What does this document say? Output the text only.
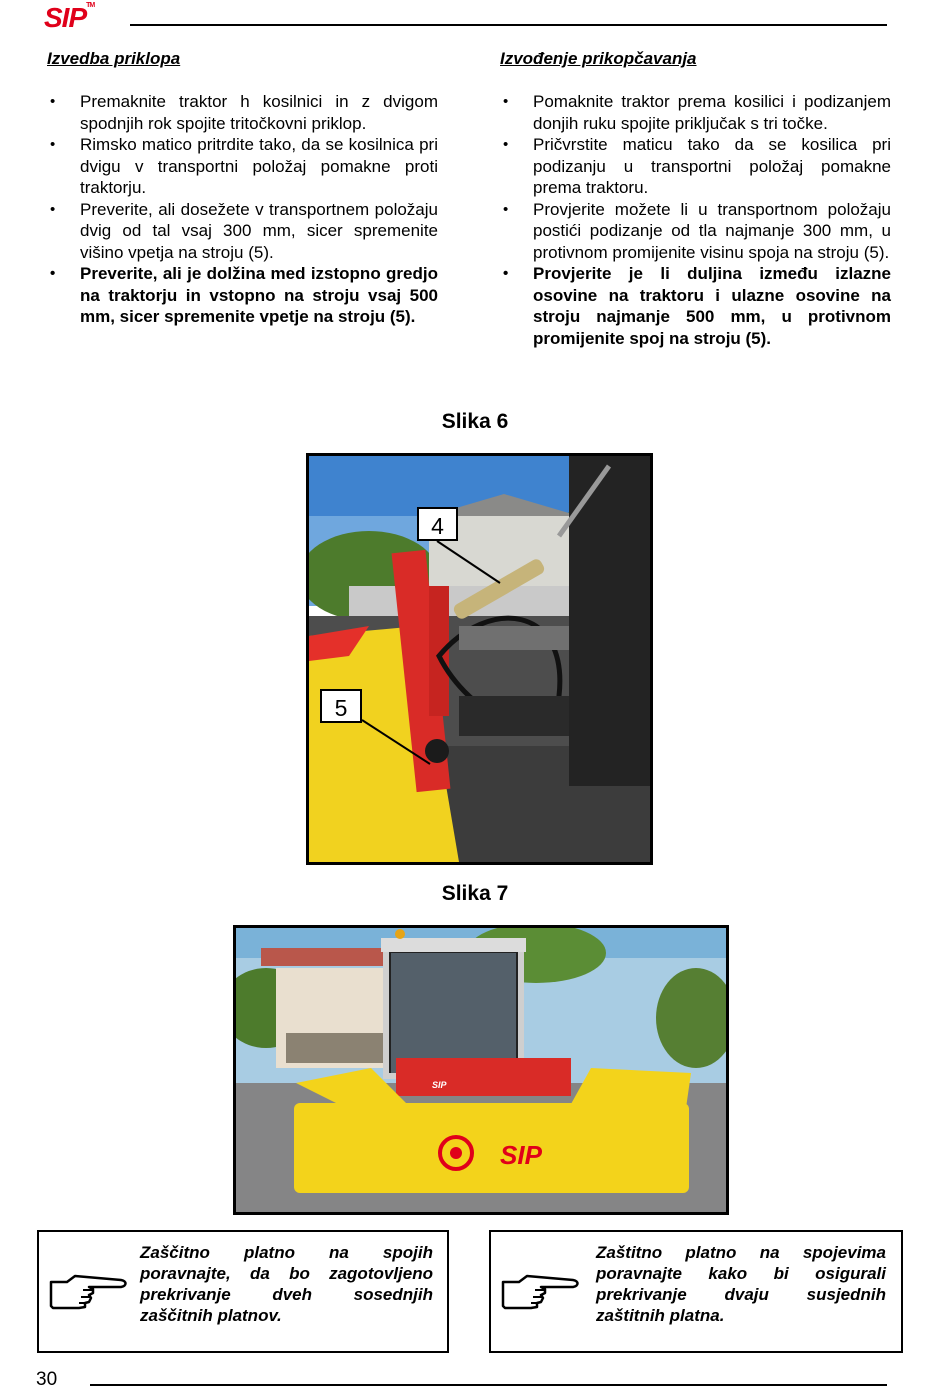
SIP™
Izvedba priklopa
• Premaknite traktor h kosilnici in z dvigom spodnjih rok spojite tritočkovni priklop.
• Rimsko matico pritrdite tako, da se kosilnica pri dvigu v transportni položaj pomakne proti traktorju.
• Preverite, ali dosežete v transportnem položaju dvig od tal vsaj 300 mm, sicer spremenite višino vpetja na stroju (5).
• Preverite, ali je dolžina med izstopno gredjo na traktorju in vstopno na stroju vsaj 500 mm, sicer spremenite vpetje na stroju (5).
Izvođenje prikopčavanja
• Pomaknite traktor prema kosilici i podizanjem donjih ruku spojite priključak s tri točke.
• Pričvrstite maticu tako da se kosilica pri podizanju u transportni položaj pomakne prema traktoru.
• Provjerite možete li u transportnom položaju postići podizanje od tla najmanje 300 mm, u protivnom promijenite visinu spoja na stroju (5).
• Provjerite je li duljina između izlazne osovine na traktoru i ulazne osovine na stroju najmanje 500 mm, u protivnom promijenite spoj na stroju (5).
Slika 6
4
5
Slika 7
SIP
SIP
Zaščitno platno na spojih poravnajte, da bo zagotovljeno prekrivanje dveh sosednjih zaščitnih platnov.
Zaštitno platno na spojevima poravnajte kako bi osigurali prekrivanje dvaju susjednih zaštitnih platna.
30
